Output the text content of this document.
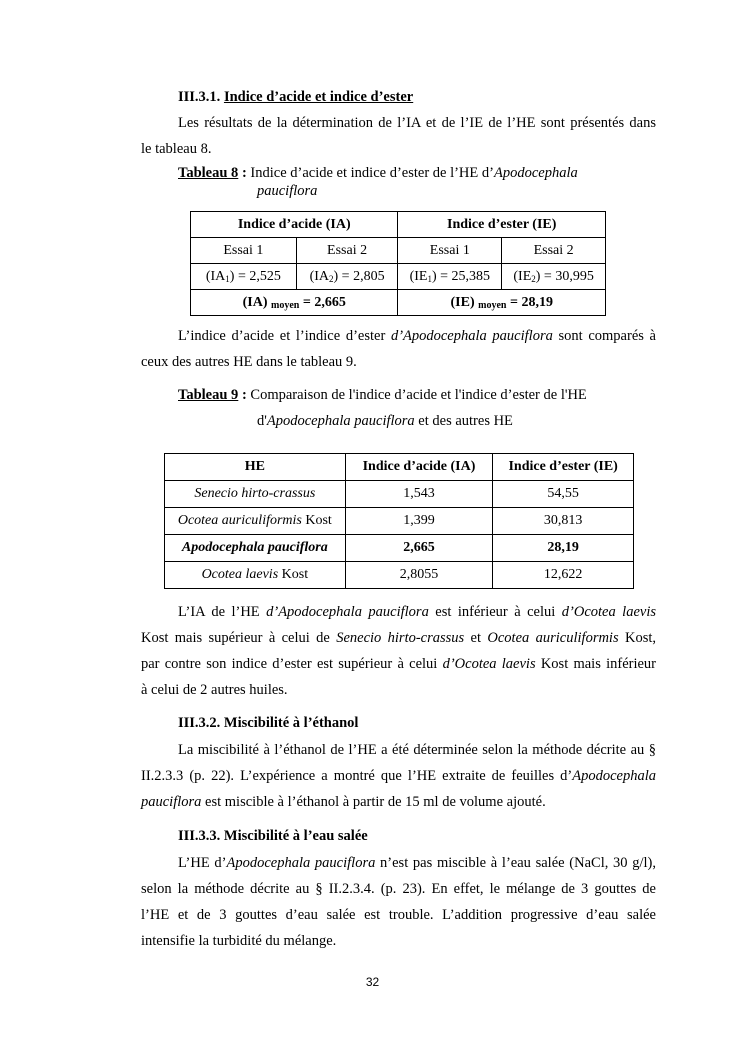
III.3.1. Indice d’acide et indice d’ester
Les résultats de la détermination de l’IA et de l’IE de l’HE sont présentés dans
le tableau 8.
Tableau 8 : Indice d’acide et indice d’ester de l’HE d’Apodocephala
pauciflora
Indice d’acide (IA)		Indice d’ester (IE)	
Essai 1	Essai 2	Essai 1	Essai 2
$(IA_1) = 2,525$	$(IA_2) = 2,805$	$(IE_1) = 25,385$	$(IE_2) = 30,995$
(IA) $_{moyen}$ = 2,665		(IE) $_{moyen}$ = 28,19	
L’indice d’acide et l’indice d’ester d’Apodocephala pauciflora sont comparés à
ceux des autres HE dans le tableau 9.
Tableau 9 : Comparaison de l'indice d’acide et l'indice d’ester de l'HE
d'Apodocephala pauciflora et des autres HE
HE	Indice d’acide (IA)	Indice d’ester (IE)
Senecio hirto-crassus	1,543	54,55
Ocotea auriculiformis Kost	1,399	30,813
Apodocephala pauciflora	2,665	28,19
Ocotea laevis Kost	2,8055	12,622
L’IA de l’HE d’Apodocephala pauciflora est inférieur à celui d’Ocotea laevis
Kost mais supérieur à celui de Senecio hirto-crassus et Ocotea auriculiformis Kost,
par contre son indice d’ester est supérieur à celui d’Ocotea laevis Kost mais inférieur
à celui de 2 autres huiles.
III.3.2. Miscibilité à l’éthanol
La miscibilité à l’éthanol de l’HE a été déterminée selon la méthode décrite au §
II.2.3.3 (p. 22). L’expérience a montré que l’HE extraite de feuilles d’Apodocephala
pauciflora est miscible à l’éthanol à partir de 15 ml de volume ajouté.
III.3.3. Miscibilité à l’eau salée
L’HE d’Apodocephala pauciflora n’est pas miscible à l’eau salée (NaCl, 30 g/l),
selon la méthode décrite au § II.2.3.4. (p. 23). En effet, le mélange de 3 gouttes de
l’HE et de 3 gouttes d’eau salée est trouble. L’addition progressive d’eau salée
intensifie la turbidité du mélange.
32
